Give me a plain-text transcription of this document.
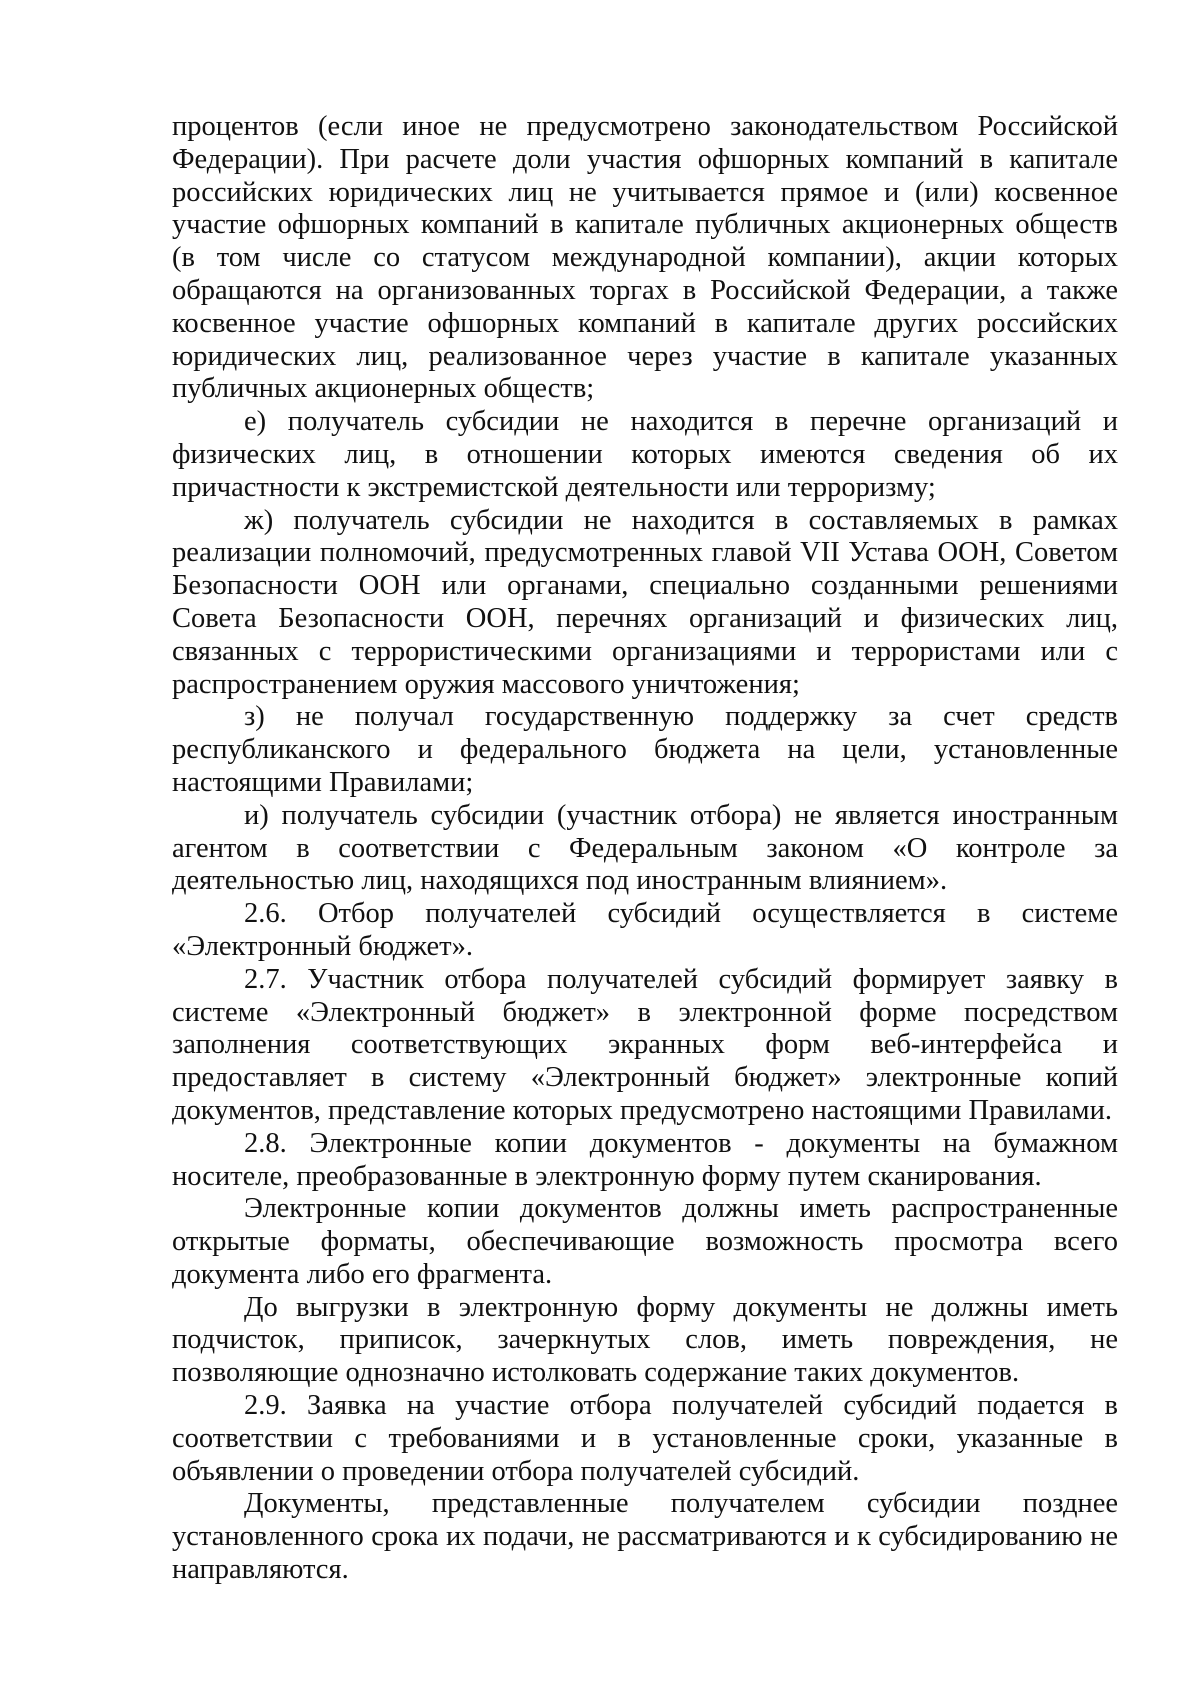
процентов (если иное не предусмотрено законодательством Российской Федерации). При расчете доли участия офшорных компаний в капитале российских юридических лиц не учитывается прямое и (или) косвенное участие офшорных компаний в капитале публичных акционерных обществ (в том числе со статусом международной компании), акции которых обращаются на организованных торгах в Российской Федерации, а также косвенное участие офшорных компаний в капитале других российских юридических лиц, реализованное через участие в капитале указанных публичных акционерных обществ;

е) получатель субсидии не находится в перечне организаций и физических лиц, в отношении которых имеются сведения об их причастности к экстремистской деятельности или терроризму;

ж) получатель субсидии не находится в составляемых в рамках реализации полномочий, предусмотренных главой VII Устава ООН, Советом Безопасности ООН или органами, специально созданными решениями Совета Безопасности ООН, перечнях организаций и физических лиц, связанных с террористическими организациями и террористами или с распространением оружия массового уничтожения;

з) не получал государственную поддержку за счет средств республиканского и федерального бюджета на цели, установленные настоящими Правилами;

и) получатель субсидии (участник отбора) не является иностранным агентом в соответствии с Федеральным законом «О контроле за деятельностью лиц, находящихся под иностранным влиянием».

2.6. Отбор получателей субсидий осуществляется в системе «Электронный бюджет».

2.7. Участник отбора получателей субсидий формирует заявку в системе «Электронный бюджет» в электронной форме посредством заполнения соответствующих экранных форм веб-интерфейса и предоставляет в систему «Электронный бюджет» электронные копий документов, представление которых предусмотрено настоящими Правилами.

2.8. Электронные копии документов - документы на бумажном носителе, преобразованные в электронную форму путем сканирования.

Электронные копии документов должны иметь распространенные открытые форматы, обеспечивающие возможность просмотра всего документа либо его фрагмента.

До выгрузки в электронную форму документы не должны иметь подчисток, приписок, зачеркнутых слов, иметь повреждения, не позволяющие однозначно истолковать содержание таких документов.

2.9. Заявка на участие отбора получателей субсидий подается в соответствии с требованиями и в установленные сроки, указанные в объявлении о проведении отбора получателей субсидий.

Документы, представленные получателем субсидии позднее установленного срока их подачи, не рассматриваются и к субсидированию не направляются.
